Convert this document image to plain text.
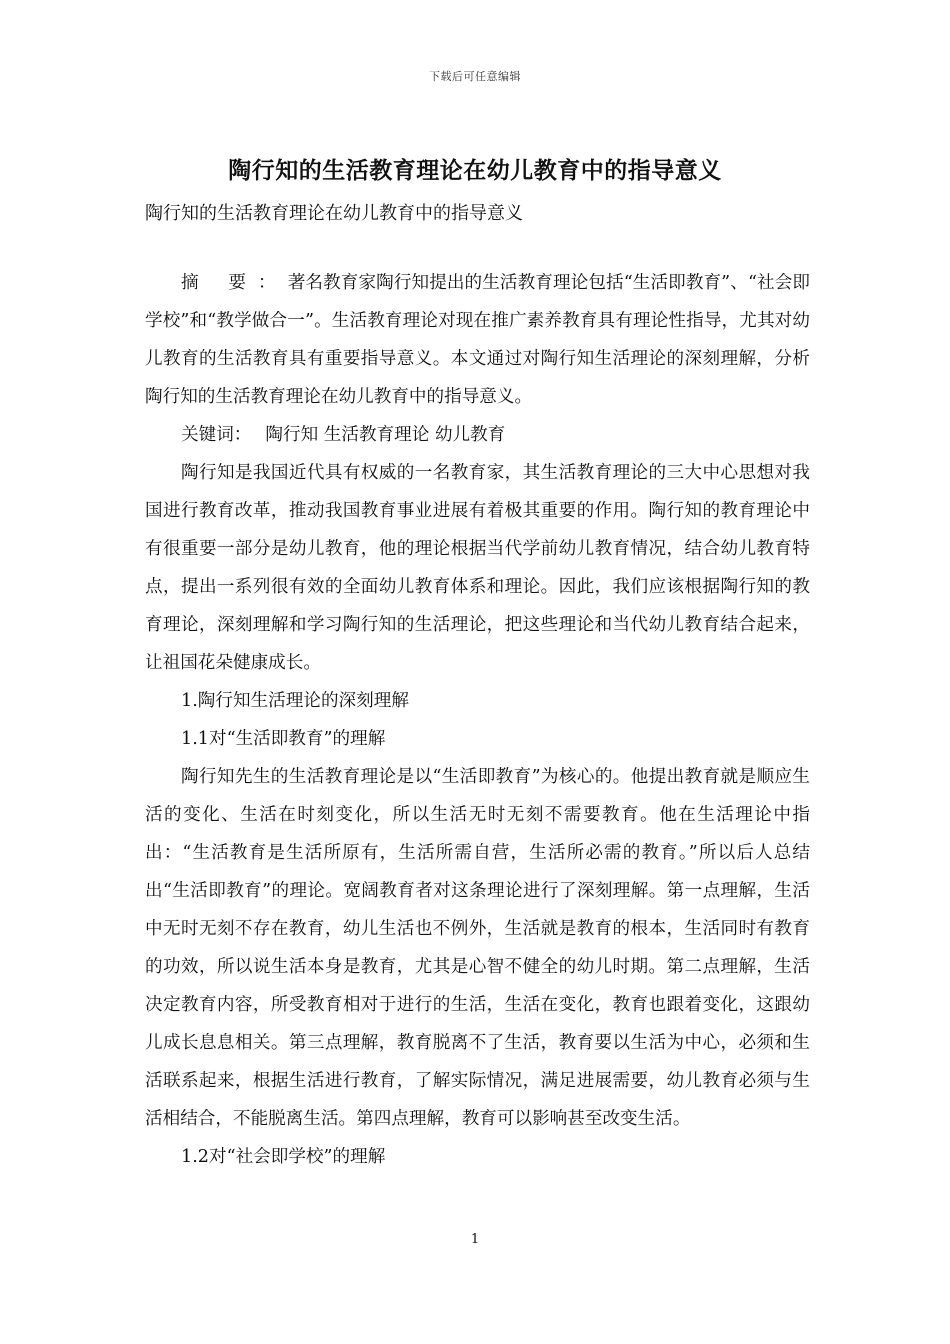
下载后可任意编辑
陶行知的生活教育理论在幼儿教育中的指导意义

陶行知的生活教育理论在幼儿教育中的指导意义

摘 要：著名教育家陶行知提出的生活教育理论包括“生活即教育”、“社会即学校”和“教学做合一”。生活教育理论对现在推广素养教育具有理论性指导，尤其对幼儿教育的生活教育具有重要指导意义。本文通过对陶行知生活理论的深刻理解，分析陶行知的生活教育理论在幼儿教育中的指导意义。

关键词： 陶行知 生活教育理论 幼儿教育

陶行知是我国近代具有权威的一名教育家，其生活教育理论的三大中心思想对我国进行教育改革，推动我国教育事业进展有着极其重要的作用。陶行知的教育理论中有很重要一部分是幼儿教育，他的理论根据当代学前幼儿教育情况，结合幼儿教育特点，提出一系列很有效的全面幼儿教育体系和理论。因此，我们应该根据陶行知的教育理论，深刻理解和学习陶行知的生活理论，把这些理论和当代幼儿教育结合起来，让祖国花朵健康成长。

1.陶行知生活理论的深刻理解

1.1对“生活即教育”的理解

陶行知先生的生活教育理论是以“生活即教育”为核心的。他提出教育就是顺应生活的变化、生活在时刻变化，所以生活无时无刻不需要教育。他在生活理论中指出：“生活教育是生活所原有，生活所需自营，生活所必需的教育。”所以后人总结出“生活即教育”的理论。宽阔教育者对这条理论进行了深刻理解。第一点理解，生活中无时无刻不存在教育，幼儿生活也不例外，生活就是教育的根本，生活同时有教育的功效，所以说生活本身是教育，尤其是心智不健全的幼儿时期。第二点理解，生活决定教育内容，所受教育相对于进行的生活，生活在变化，教育也跟着变化，这跟幼儿成长息息相关。第三点理解，教育脱离不了生活，教育要以生活为中心，必须和生活联系起来，根据生活进行教育，了解实际情况，满足进展需要，幼儿教育必须与生活相结合，不能脱离生活。第四点理解，教育可以影响甚至改变生活。

1.2对“社会即学校”的理解

1
